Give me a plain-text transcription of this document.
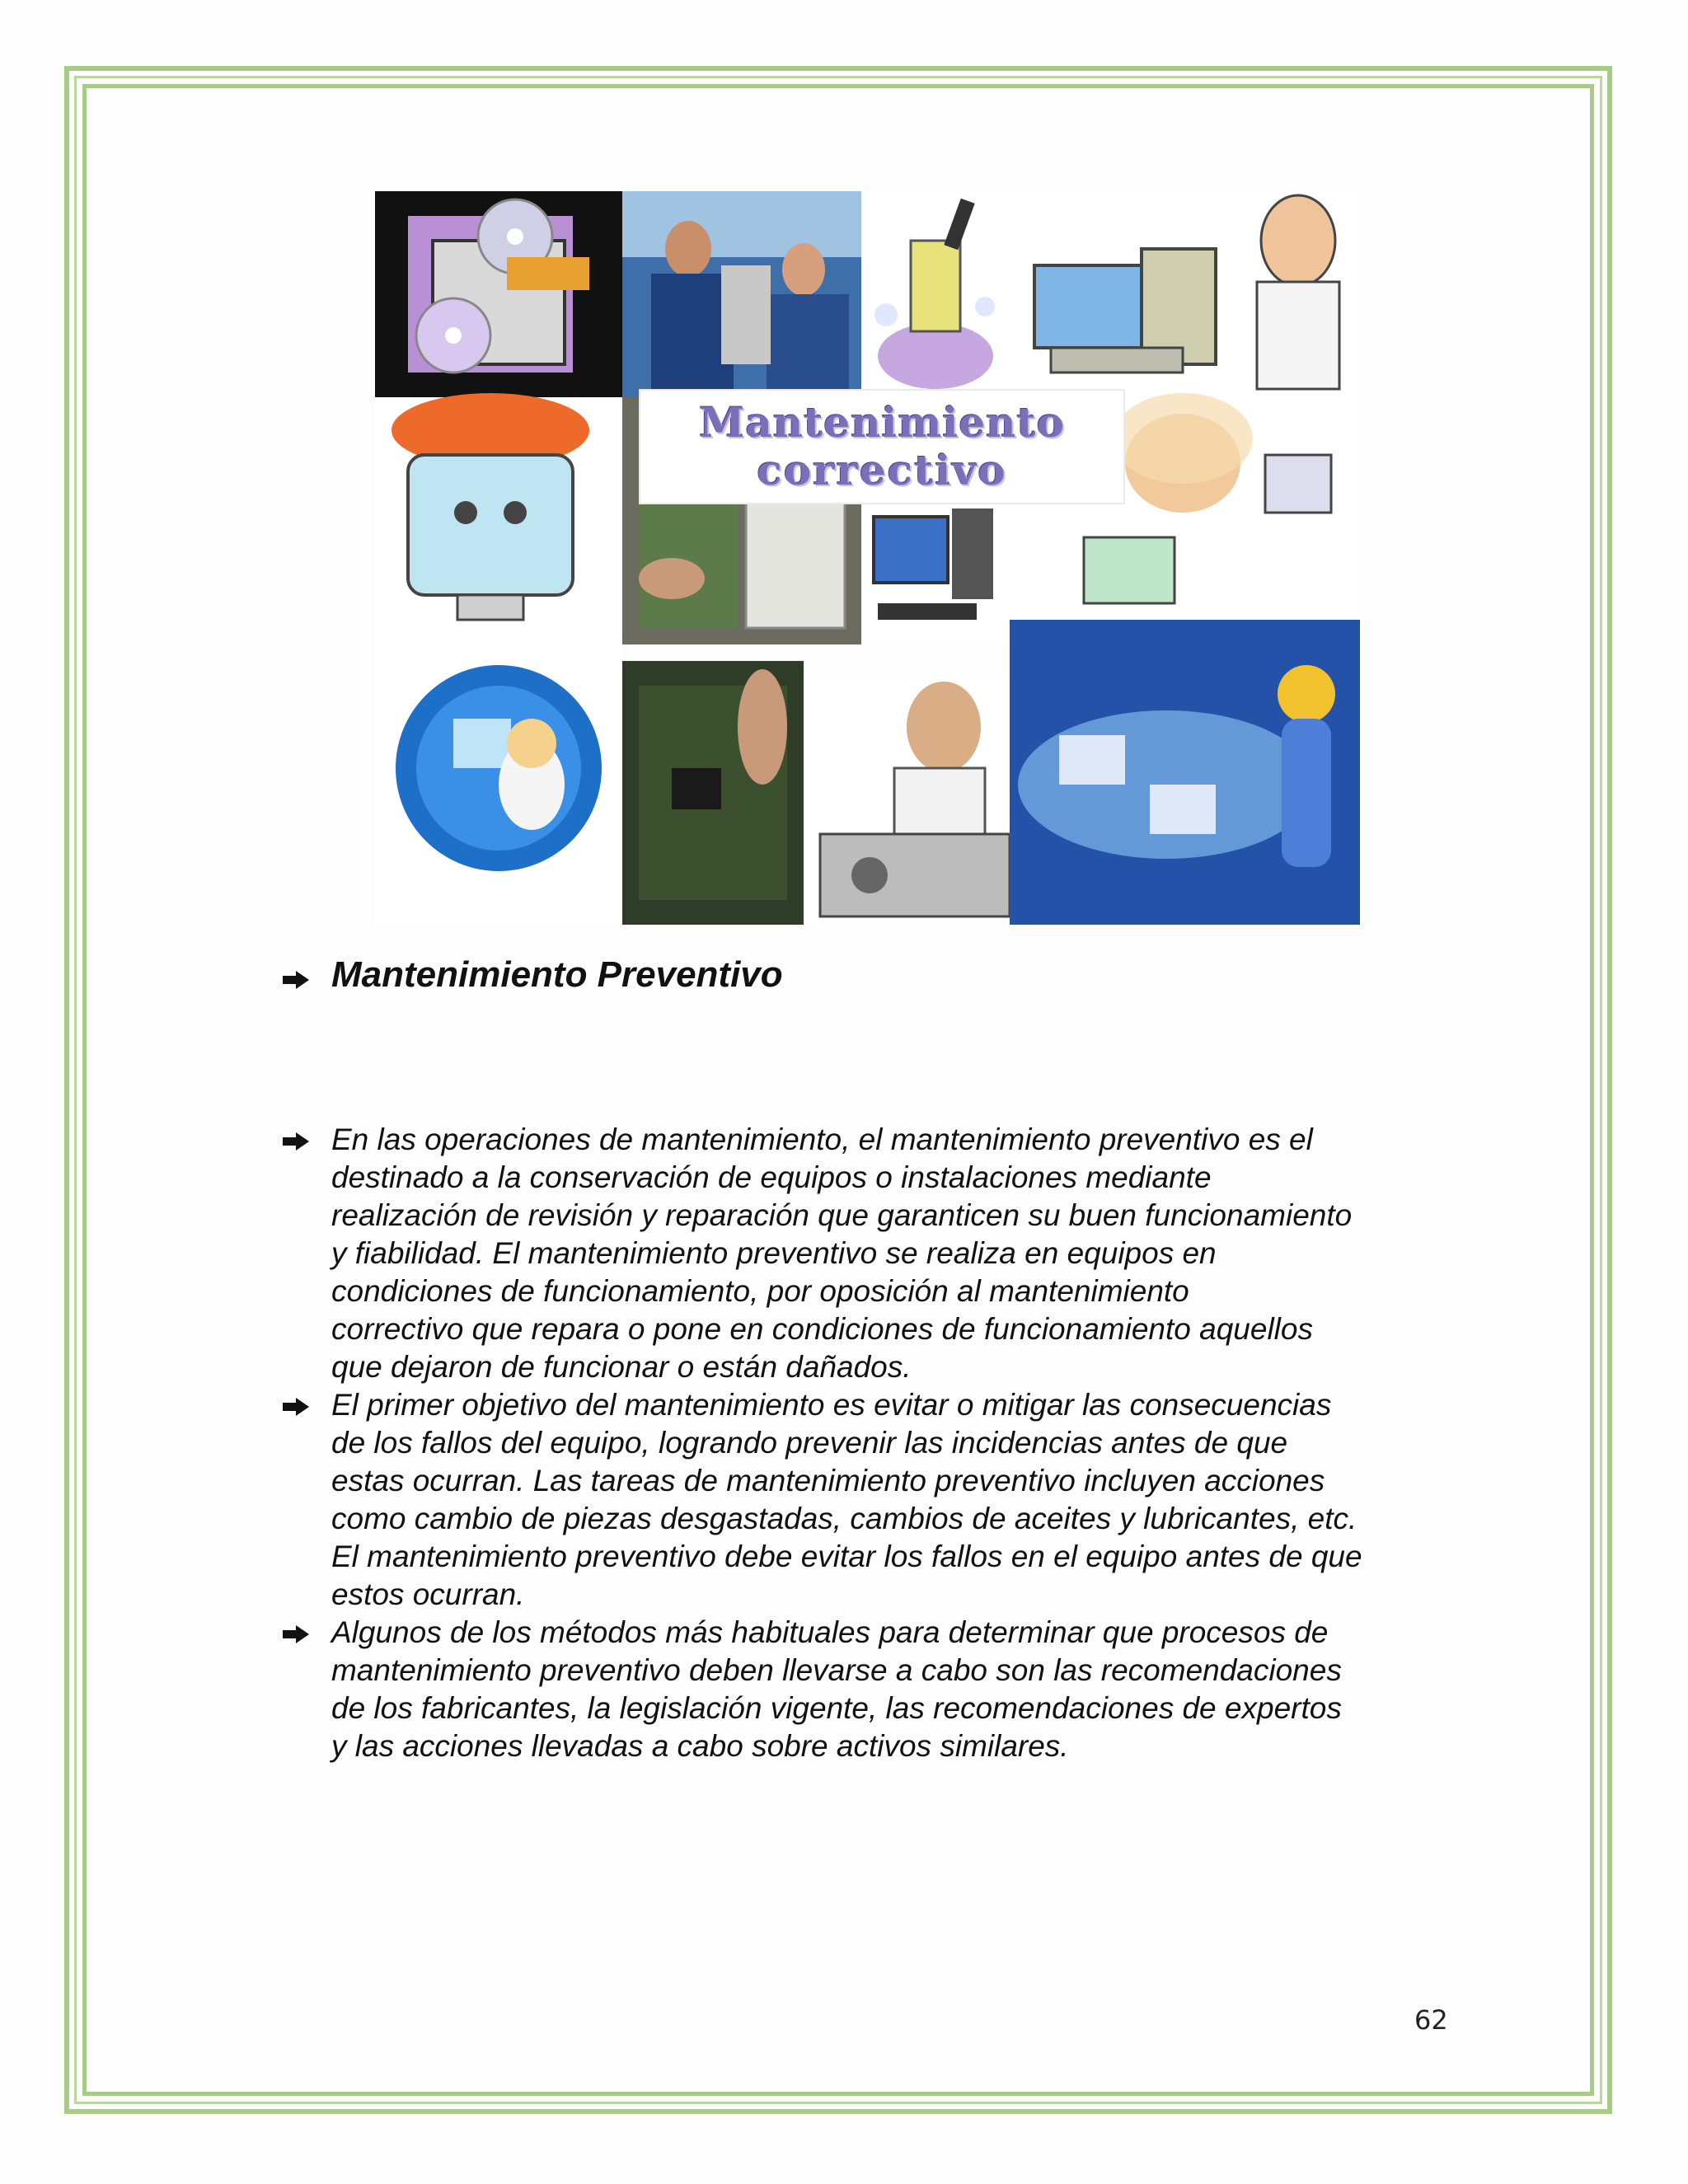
Mantenimiento
correctivo
Mantenimiento Preventivo
En las operaciones de mantenimiento, el mantenimiento preventivo es el
destinado a la conservación de equipos o instalaciones mediante
realización de revisión y reparación que garanticen su buen funcionamiento
y fiabilidad. El mantenimiento preventivo se realiza en equipos en
condiciones de funcionamiento, por oposición al mantenimiento
correctivo que repara o pone en condiciones de funcionamiento aquellos
que dejaron de funcionar o están dañados.
El primer objetivo del mantenimiento es evitar o mitigar las consecuencias
de los fallos del equipo, logrando prevenir las incidencias antes de que
estas ocurran. Las tareas de mantenimiento preventivo incluyen acciones
como cambio de piezas desgastadas, cambios de aceites y lubricantes, etc.
El mantenimiento preventivo debe evitar los fallos en el equipo antes de que
estos ocurran.
Algunos de los métodos más habituales para determinar que procesos de
mantenimiento preventivo deben llevarse a cabo son las recomendaciones
de los fabricantes, la legislación vigente, las recomendaciones de expertos
y las acciones llevadas a cabo sobre activos similares.
62
